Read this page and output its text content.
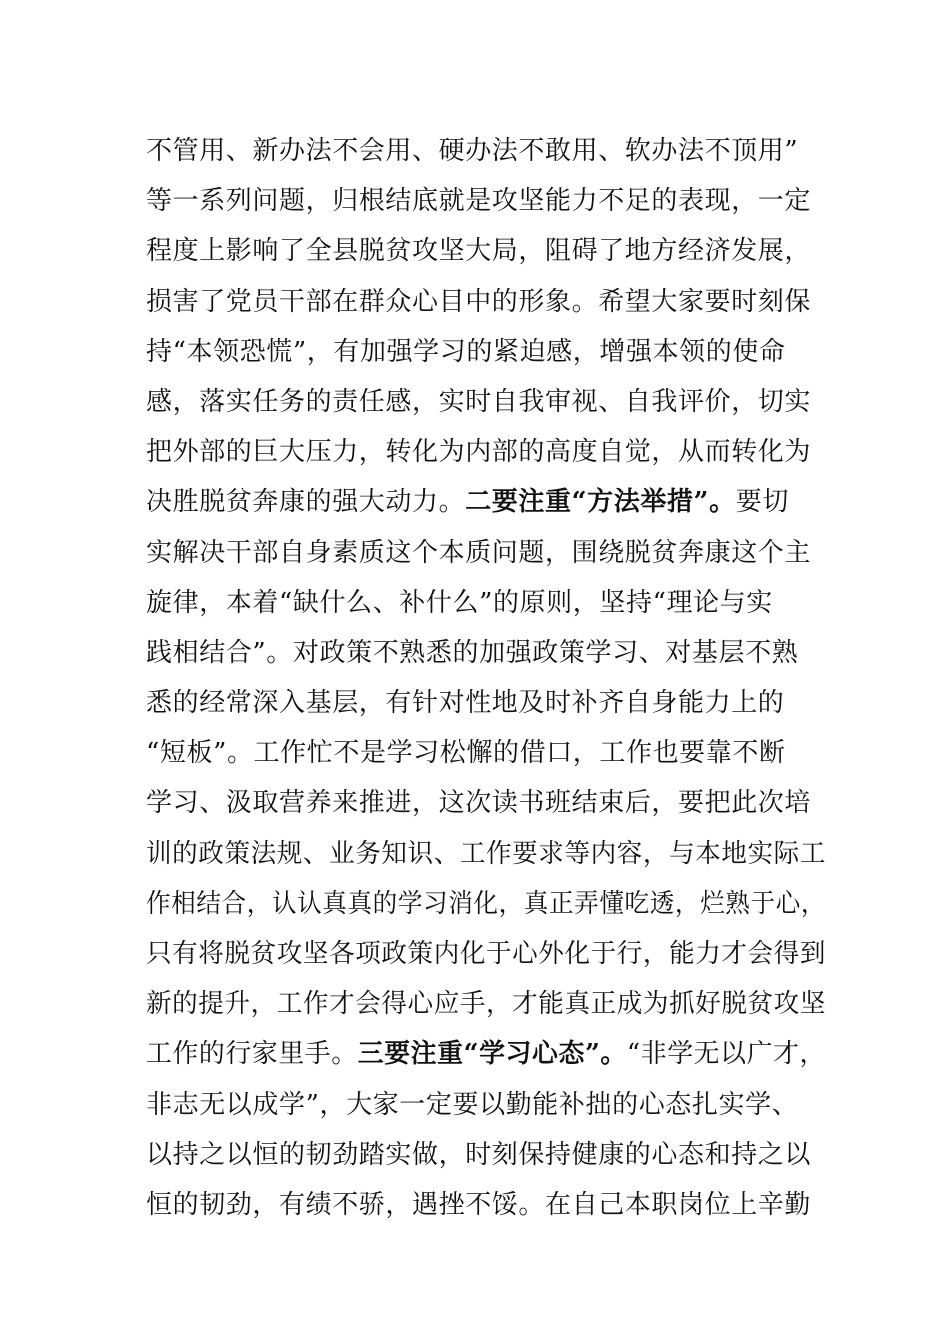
不管用、新办法不会用、硬办法不敢用、软办法不顶用”
等一系列问题，归根结底就是攻坚能力不足的表现，一定
程度上影响了全县脱贫攻坚大局，阻碍了地方经济发展，
损害了党员干部在群众心目中的形象。希望大家要时刻保
持“本领恐慌”，有加强学习的紧迫感，增强本领的使命
感，落实任务的责任感，实时自我审视、自我评价，切实
把外部的巨大压力，转化为内部的高度自觉，从而转化为
决胜脱贫奔康的强大动力。二要注重“方法举措”。要切
实解决干部自身素质这个本质问题，围绕脱贫奔康这个主
旋律，本着“缺什么、补什么”的原则，坚持“理论与实
践相结合”。对政策不熟悉的加强政策学习、对基层不熟
悉的经常深入基层，有针对性地及时补齐自身能力上的
“短板”。工作忙不是学习松懈的借口，工作也要靠不断
学习、汲取营养来推进，这次读书班结束后，要把此次培
训的政策法规、业务知识、工作要求等内容，与本地实际工
作相结合，认认真真的学习消化，真正弄懂吃透，烂熟于心，
只有将脱贫攻坚各项政策内化于心外化于行，能力才会得到
新的提升，工作才会得心应手，才能真正成为抓好脱贫攻坚
工作的行家里手。三要注重“学习心态”。“非学无以广才，
非志无以成学”，大家一定要以勤能补拙的心态扎实学、
以持之以恒的韧劲踏实做，时刻保持健康的心态和持之以
恒的韧劲，有绩不骄，遇挫不馁。在自己本职岗位上辛勤
